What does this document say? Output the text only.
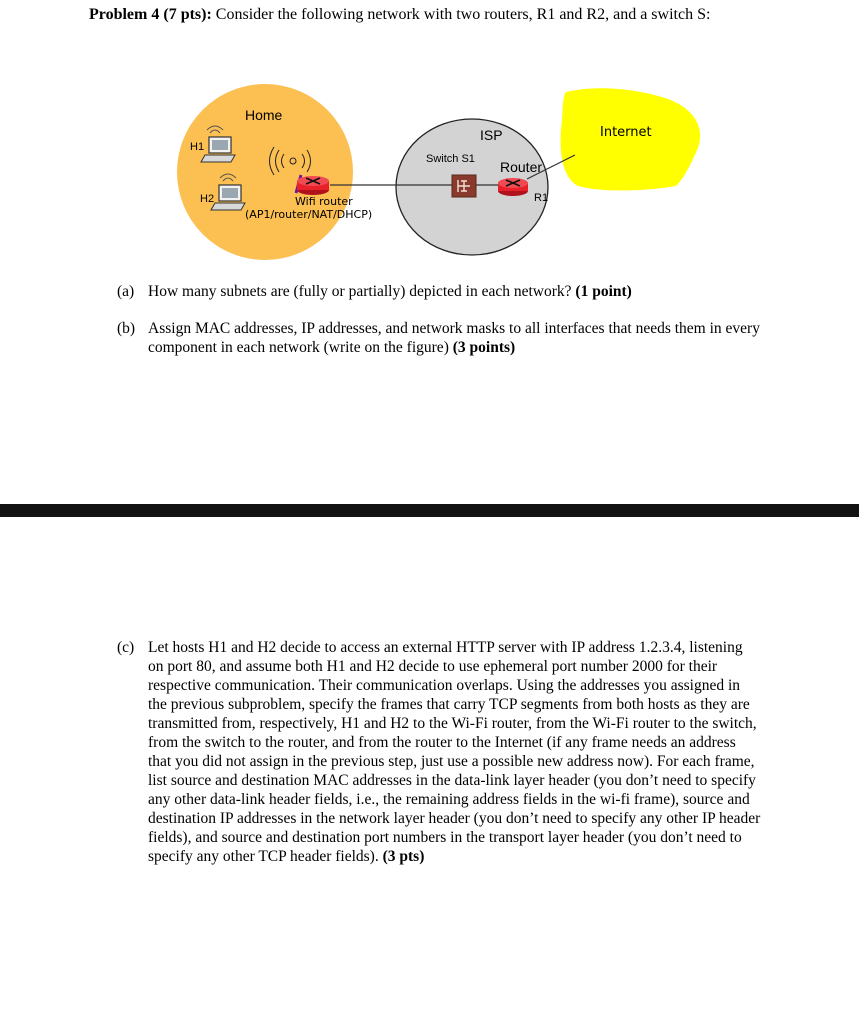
Problem 4 (7 pts): Consider the following network with two routers, R1 and R2, and a switch S:
Home
ISP	Internet
H1
H2
Switch S1 Router
R1
Wifi router
(AP1/router/NAT/DHCP)
(a) How many subnets are (fully or partially) depicted in each network? (1 point)
(b) Assign MAC addresses, IP addresses, and network masks to all interfaces that needs them in every
component in each network (write on the figure) (3 points)
(c) Let hosts H1 and H2 decide to access an external HTTP server with IP address 1.2.3.4, listening
on port 80, and assume both H1 and H2 decide to use ephemeral port number 2000 for their
respective communication. Their communication overlaps. Using the addresses you assigned in
the previous subproblem, specify the frames that carry TCP segments from both hosts as they are
transmitted from, respectively, H1 and H2 to the Wi-Fi router, from the Wi-Fi router to the switch,
from the switch to the router, and from the router to the Internet (if any frame needs an address
that you did not assign in the previous step, just use a possible new address now). For each frame,
list source and destination MAC addresses in the data-link layer header (you don’t need to specify
any other data-link header fields, i.e., the remaining address fields in the wi-fi frame), source and
destination IP addresses in the network layer header (you don’t need to specify any other IP header
fields), and source and destination port numbers in the transport layer header (you don’t need to
specify any other TCP header fields). (3 pts)
